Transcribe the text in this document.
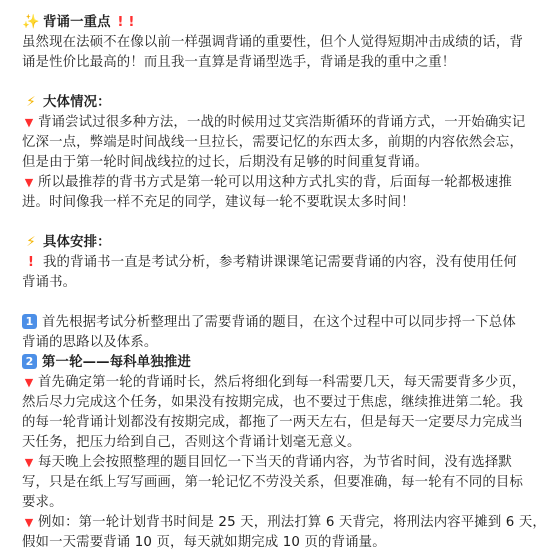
✨ 背诵一重点 ! !
虽然现在法硕不在像以前一样强调背诵的重要性，但个人觉得短期冲击成绩的话，背
诵是性价比最高的！而且我一直算是背诵型选手，背诵是我的重中之重！
⚡ 大体情况：
▼ 背诵尝试过很多种方法，一战的时候用过艾宾浩斯循环的背诵方式，一开始确实记
忆深一点，弊端是时间战线一旦拉长，需要记忆的东西太多，前期的内容依然会忘，
但是由于第一轮时间战线拉的过长，后期没有足够的时间重复背诵。
▼ 所以最推荐的背书方式是第一轮可以用这种方式扎实的背，后面每一轮都极速推
进。时间像我一样不充足的同学，建议每一轮不要耽误太多时间！
⚡ 具体安排：
! 我的背诵书一直是考试分析，参考精讲课课笔记需要背诵的内容，没有使用任何
背诵书。
1 首先根据考试分析整理出了需要背诵的题目，在这个过程中可以同步捋一下总体
背诵的思路以及体系。
2 第一轮——每科单独推进
▼ 首先确定第一轮的背诵时长，然后将细化到每一科需要几天，每天需要背多少页，
然后尽力完成这个任务，如果没有按期完成，也不要过于焦虑，继续推进第二轮。我
的每一轮背诵计划都没有按期完成，都拖了一两天左右，但是每天一定要尽力完成当
天任务，把压力给到自己，否则这个背诵计划毫无意义。
▼ 每天晚上会按照整理的题目回忆一下当天的背诵内容，为节省时间，没有选择默
写，只是在纸上写写画画，第一轮记忆不劳没关系，但要准确，每一轮有不同的目标
要求。
▼ 例如：第一轮计划背书时间是 25 天，刑法打算 6 天背完，将刑法内容平摊到 6 天，
假如一天需要背诵 10 页，每天就如期完成 10 页的背诵量。
